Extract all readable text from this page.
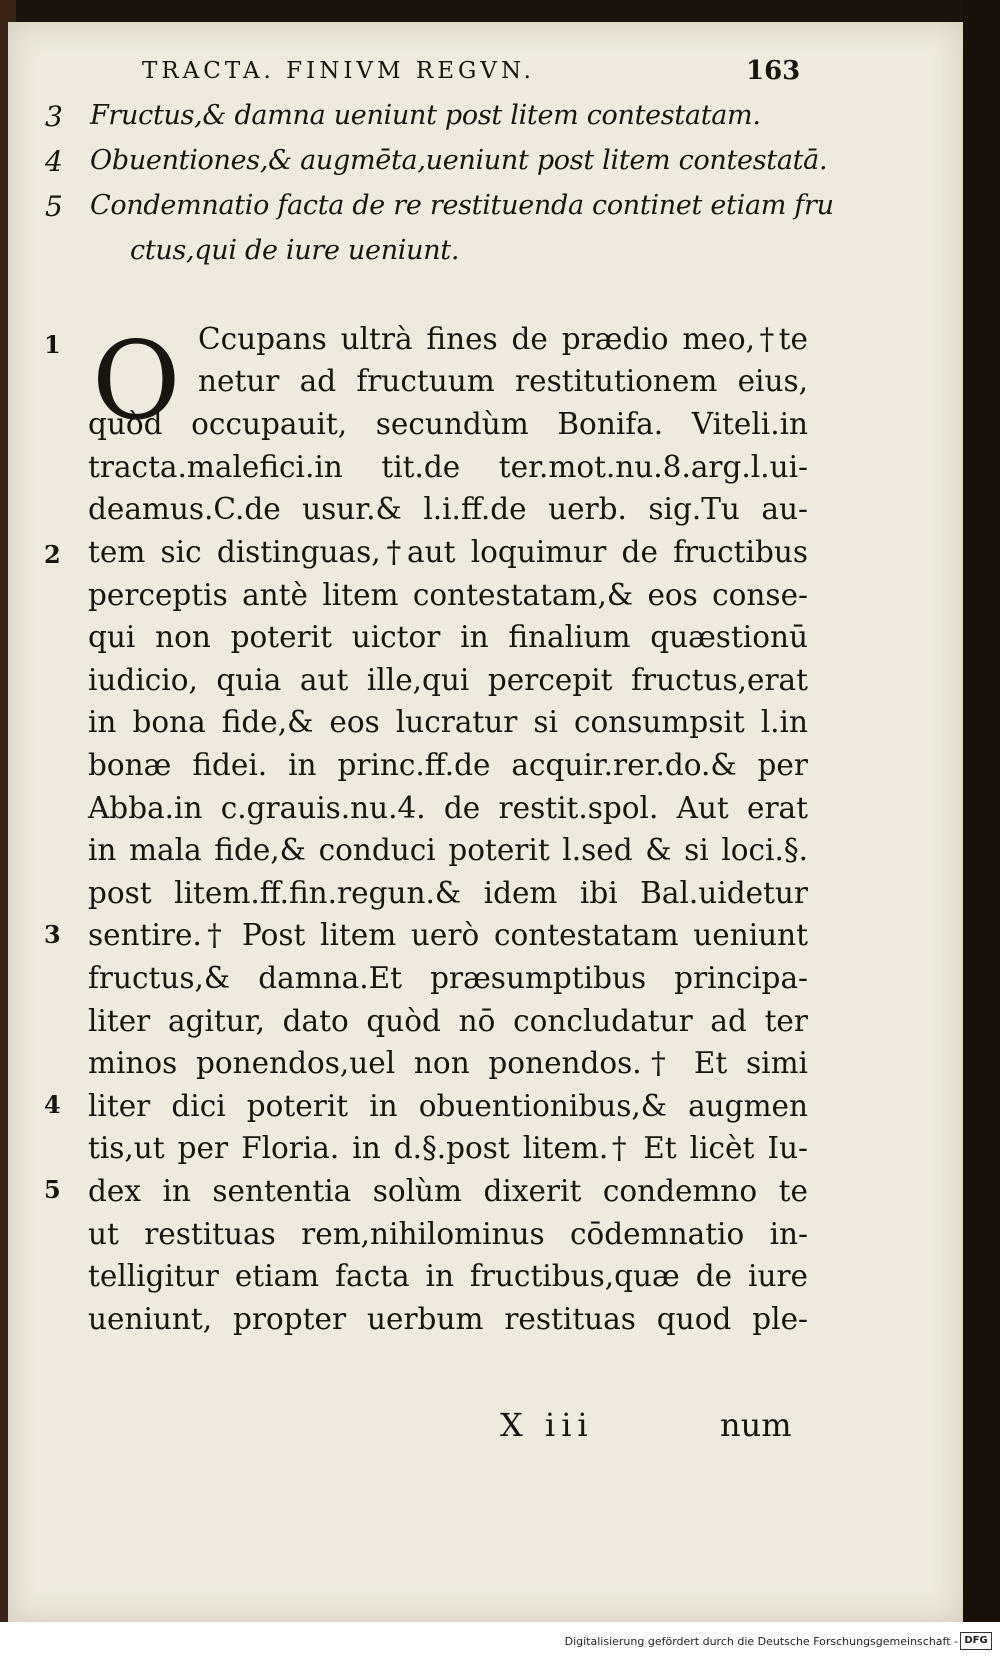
TRACTA. FINIVM REGVN.	163
3 Fructus,& damna ueniunt post litem contestatam.
4 Obuentiones,& augmēta,ueniunt post litem contestatā.
5 Condemnatio facta de re restituenda continet etiam fru
ctus,qui de iure ueniunt.
O
1
2
3
4
5
Ccupans ultrà fines de prædio meo,†te
netur ad fructuum restitutionem eius,
quòd occupauit, secundùm Bonifa. Viteli.in
tracta.malefici.in tit.de ter.mot.nu.8.arg.l.ui-
deamus.C.de usur.& l.i.ff.de uerb. sig.Tu au-
tem sic distinguas,†aut loquimur de fructibus
perceptis antè litem contestatam,& eos conse-
qui non poterit uictor in finalium quæstionū
iudicio, quia aut ille,qui percepit fructus,erat
in bona fide,& eos lucratur si consumpsit l.in
bonæ fidei. in princ.ff.de acquir.rer.do.& per
Abba.in c.grauis.nu.4. de restit.spol. Aut erat
in mala fide,& conduci poterit l.sed & si loci.§.
post litem.ff.fin.regun.& idem ibi Bal.uidetur
sentire.† Post litem uerò contestatam ueniunt
fructus,& damna.Et præsumptibus principa-
liter agitur, dato quòd nō concludatur ad ter
minos ponendos,uel non ponendos.† Et simi
liter dici poterit in obuentionibus,& augmen
tis,ut per Floria. in d.§.post litem.† Et licèt Iu-
dex in sententia solùm dixerit condemno te
ut restituas rem,nihilominus cōdemnatio in-
telligitur etiam facta in fructibus,quæ de iure
ueniunt, propter uerbum restituas quod ple-
X iii	num
Digitalisierung gefördert durch die Deutsche Forschungsgemeinschaft - DFG
